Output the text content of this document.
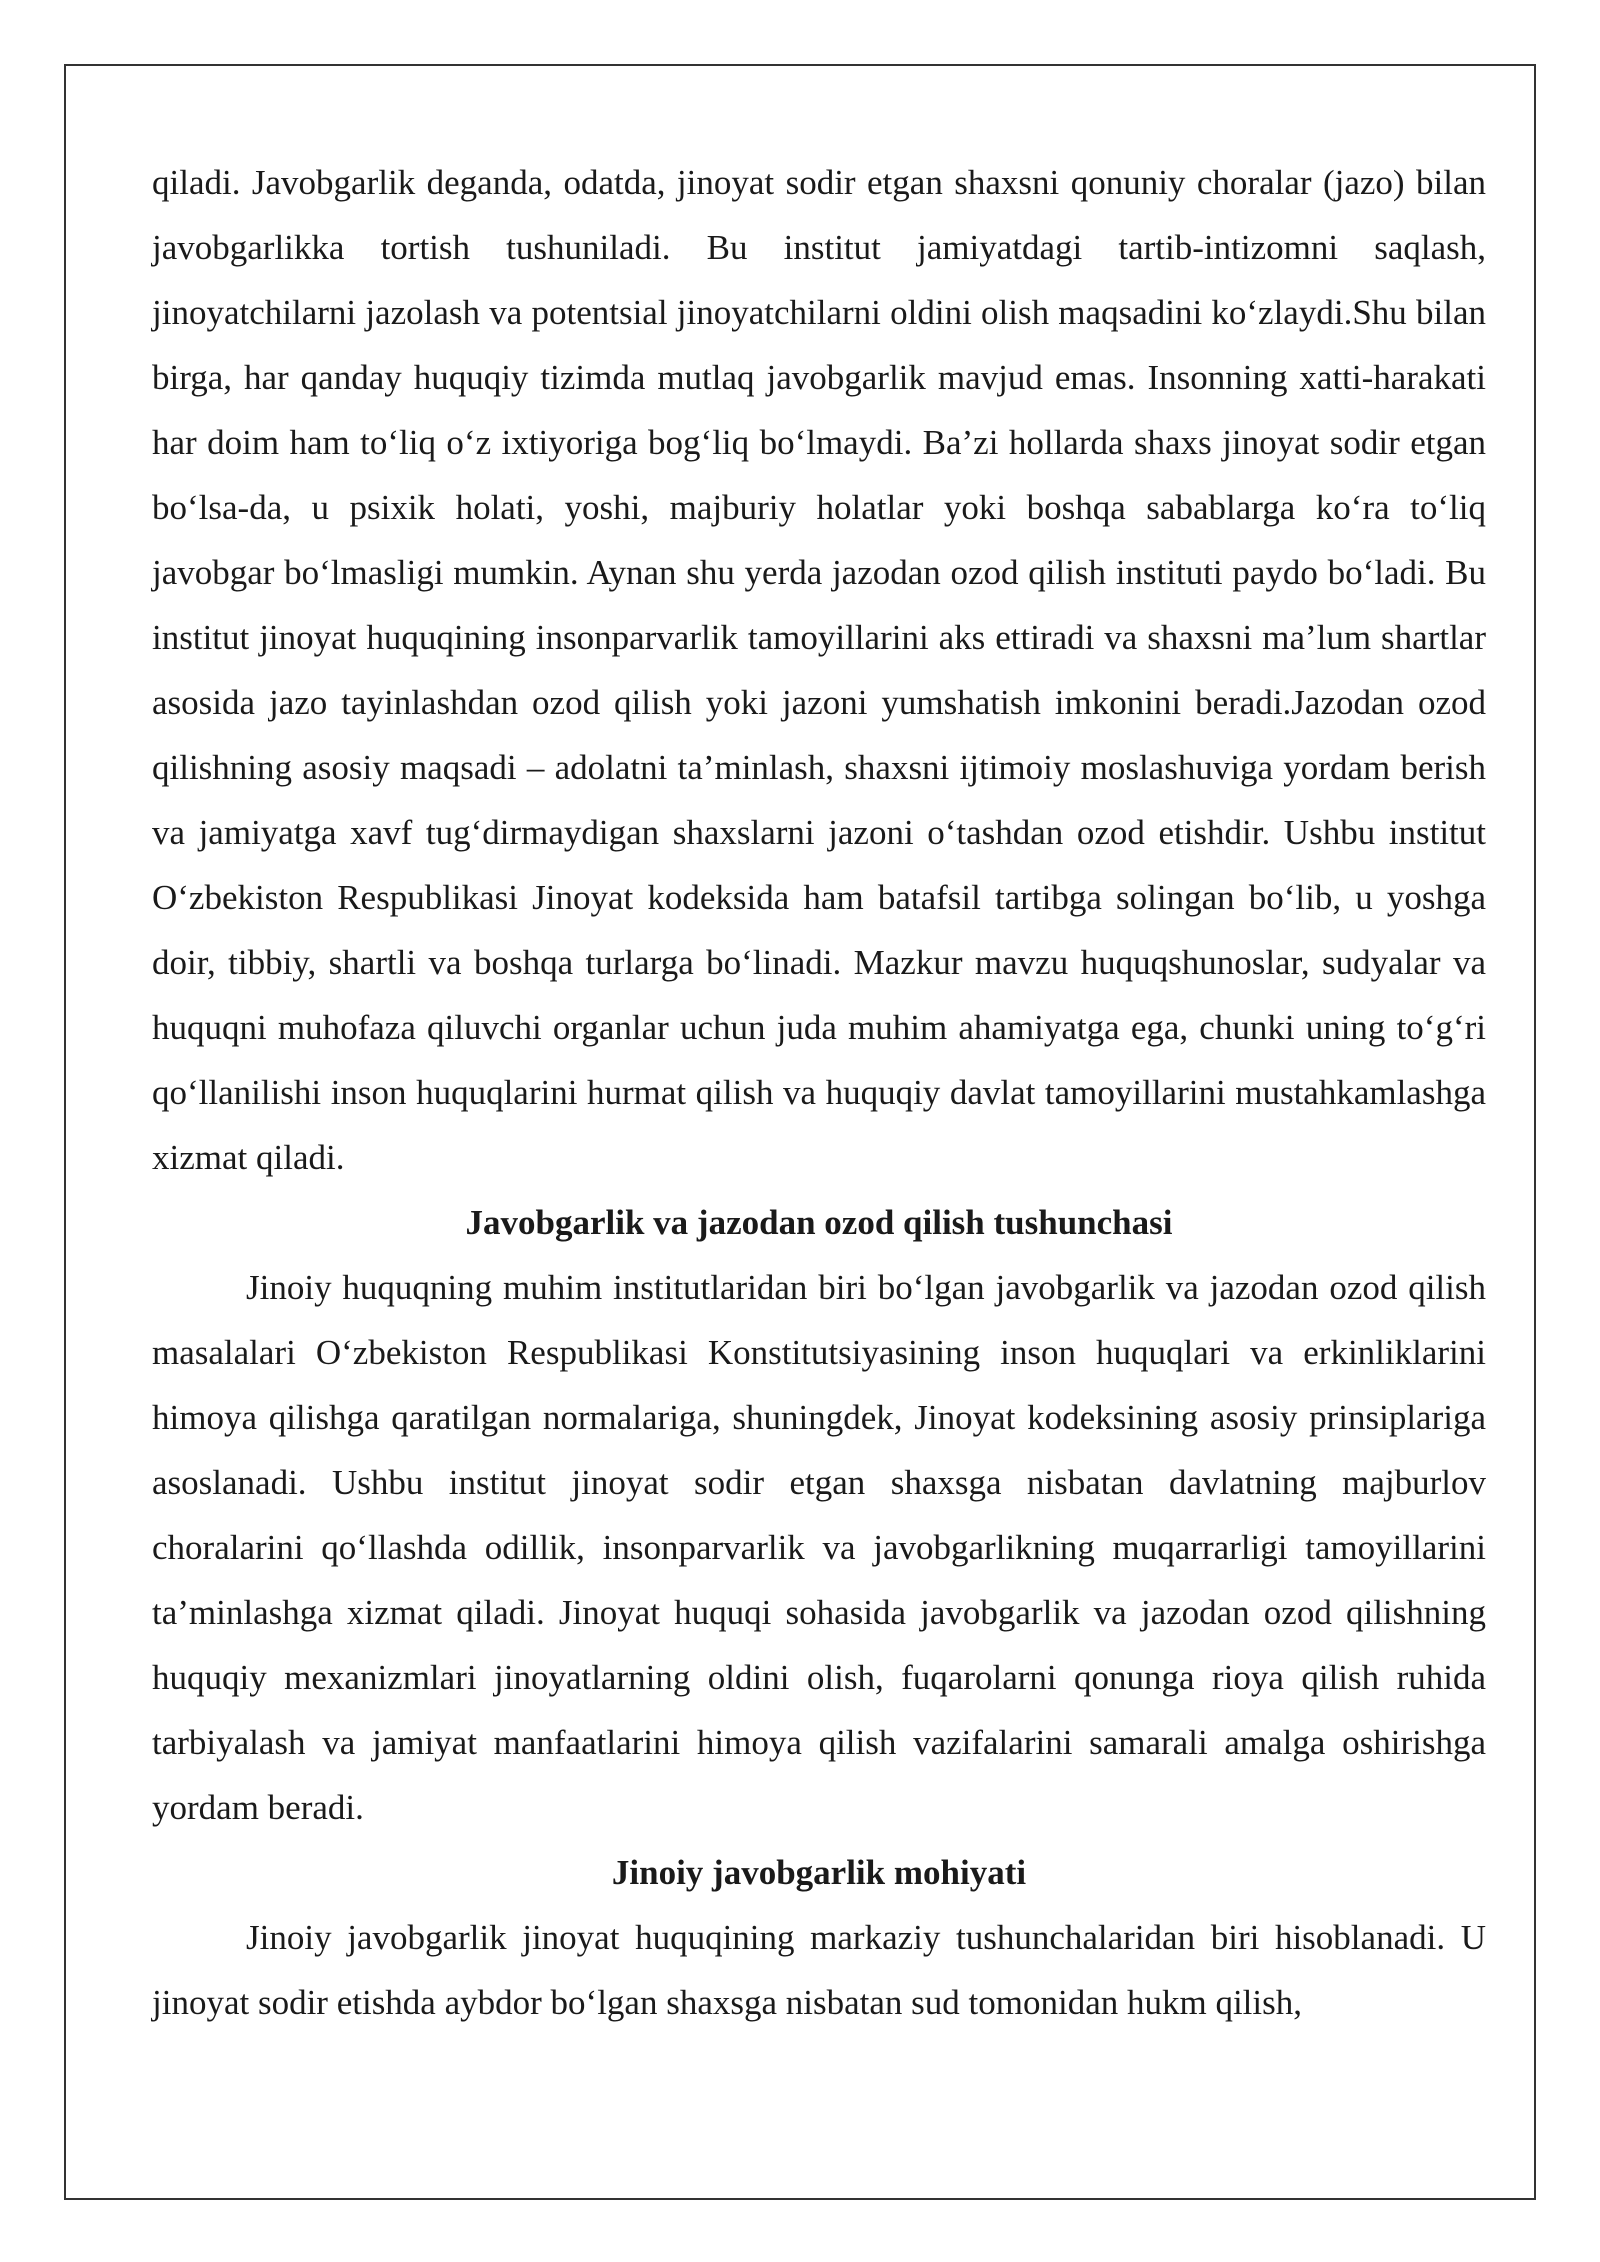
qiladi. Javobgarlik deganda, odatda, jinoyat sodir etgan shaxsni qonuniy choralar (jazo) bilan javobgarlikka tortish tushuniladi. Bu institut jamiyatdagi tartib-intizomni saqlash, jinoyatchilarni jazolash va potentsial jinoyatchilarni oldini olish maqsadini ko‘zlaydi.Shu bilan birga, har qanday huquqiy tizimda mutlaq javobgarlik mavjud emas. Insonning xatti-harakati har doim ham to‘liq o‘z ixtiyoriga bog‘liq bo‘lmaydi. Ba’zi hollarda shaxs jinoyat sodir etgan bo‘lsa-da, u psixik holati, yoshi, majburiy holatlar yoki boshqa sabablarga ko‘ra to‘liq javobgar bo‘lmasligi mumkin. Aynan shu yerda jazodan ozod qilish instituti paydo bo‘ladi. Bu institut jinoyat huquqining insonparvarlik tamoyillarini aks ettiradi va shaxsni ma’lum shartlar asosida jazo tayinlashdan ozod qilish yoki jazoni yumshatish imkonini beradi.Jazodan ozod qilishning asosiy maqsadi – adolatni ta’minlash, shaxsni ijtimoiy moslashuviga yordam berish va jamiyatga xavf tug‘dirmaydigan shaxslarni jazoni o‘tashdan ozod etishdir. Ushbu institut O‘zbekiston Respublikasi Jinoyat kodeksida ham batafsil tartibga solingan bo‘lib, u yoshga doir, tibbiy, shartli va boshqa turlarga bo‘linadi. Mazkur mavzu huquqshunoslar, sudyalar va huquqni muhofaza qiluvchi organlar uchun juda muhim ahamiyatga ega, chunki uning to‘g‘ri qo‘llanilishi inson huquqlarini hurmat qilish va huquqiy davlat tamoyillarini mustahkamlashga xizmat qiladi.

Javobgarlik va jazodan ozod qilish tushunchasi

Jinoiy huquqning muhim institutlaridan biri bo‘lgan javobgarlik va jazodan ozod qilish masalalari O‘zbekiston Respublikasi Konstitutsiyasining inson huquqlari va erkinliklarini himoya qilishga qaratilgan normalariga, shuningdek, Jinoyat kodeksining asosiy prinsiplariga asoslanadi. Ushbu institut jinoyat sodir etgan shaxsga nisbatan davlatning majburlov choralarini qo‘llashda odillik, insonparvarlik va javobgarlikning muqarrarligi tamoyillarini ta’minlashga xizmat qiladi. Jinoyat huquqi sohasida javobgarlik va jazodan ozod qilishning huquqiy mexanizmlari jinoyatlarning oldini olish, fuqarolarni qonunga rioya qilish ruhida tarbiyalash va jamiyat manfaatlarini himoya qilish vazifalarini samarali amalga oshirishga yordam beradi.

Jinoiy javobgarlik mohiyati

Jinoiy javobgarlik jinoyat huquqining markaziy tushunchalaridan biri hisoblanadi. U jinoyat sodir etishda aybdor bo‘lgan shaxsga nisbatan sud tomonidan hukm qilish,
